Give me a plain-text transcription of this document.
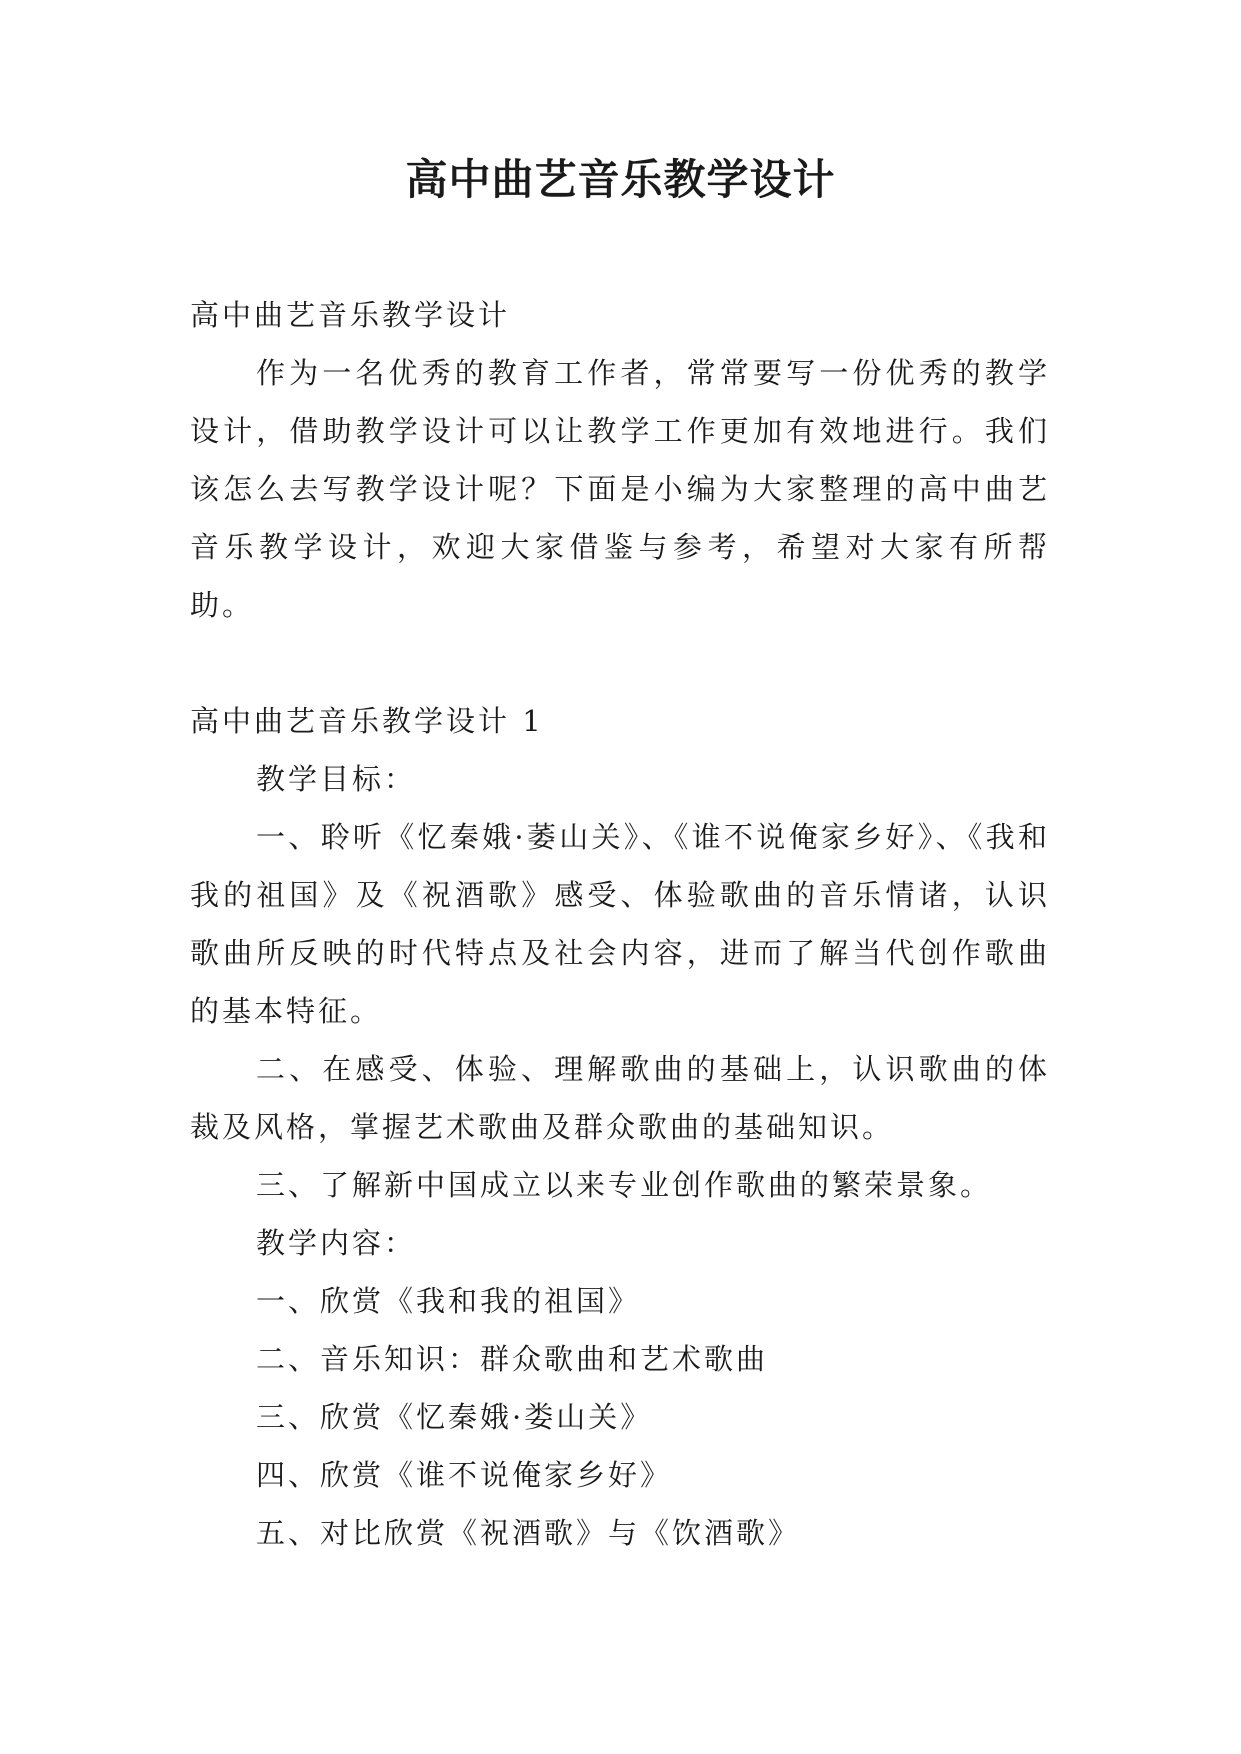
高中曲艺音乐教学设计

高中曲艺音乐教学设计

作为一名优秀的教育工作者，常常要写一份优秀的教学设计，借助教学设计可以让教学工作更加有效地进行。我们该怎么去写教学设计呢？下面是小编为大家整理的高中曲艺音乐教学设计，欢迎大家借鉴与参考，希望对大家有所帮助。

高中曲艺音乐教学设计 1

教学目标：

一、聆听《忆秦娥·萎山关》、《谁不说俺家乡好》、《我和我的祖国》及《祝酒歌》感受、体验歌曲的音乐情诸，认识歌曲所反映的时代特点及社会内容，进而了解当代创作歌曲的基本特征。

二、在感受、体验、理解歌曲的基础上，认识歌曲的体裁及风格，掌握艺术歌曲及群众歌曲的基础知识。

三、了解新中国成立以来专业创作歌曲的繁荣景象。

教学内容：

一、欣赏《我和我的祖国》

二、音乐知识：群众歌曲和艺术歌曲

三、欣赏《忆秦娥·娄山关》

四、欣赏《谁不说俺家乡好》

五、对比欣赏《祝酒歌》与《饮酒歌》
